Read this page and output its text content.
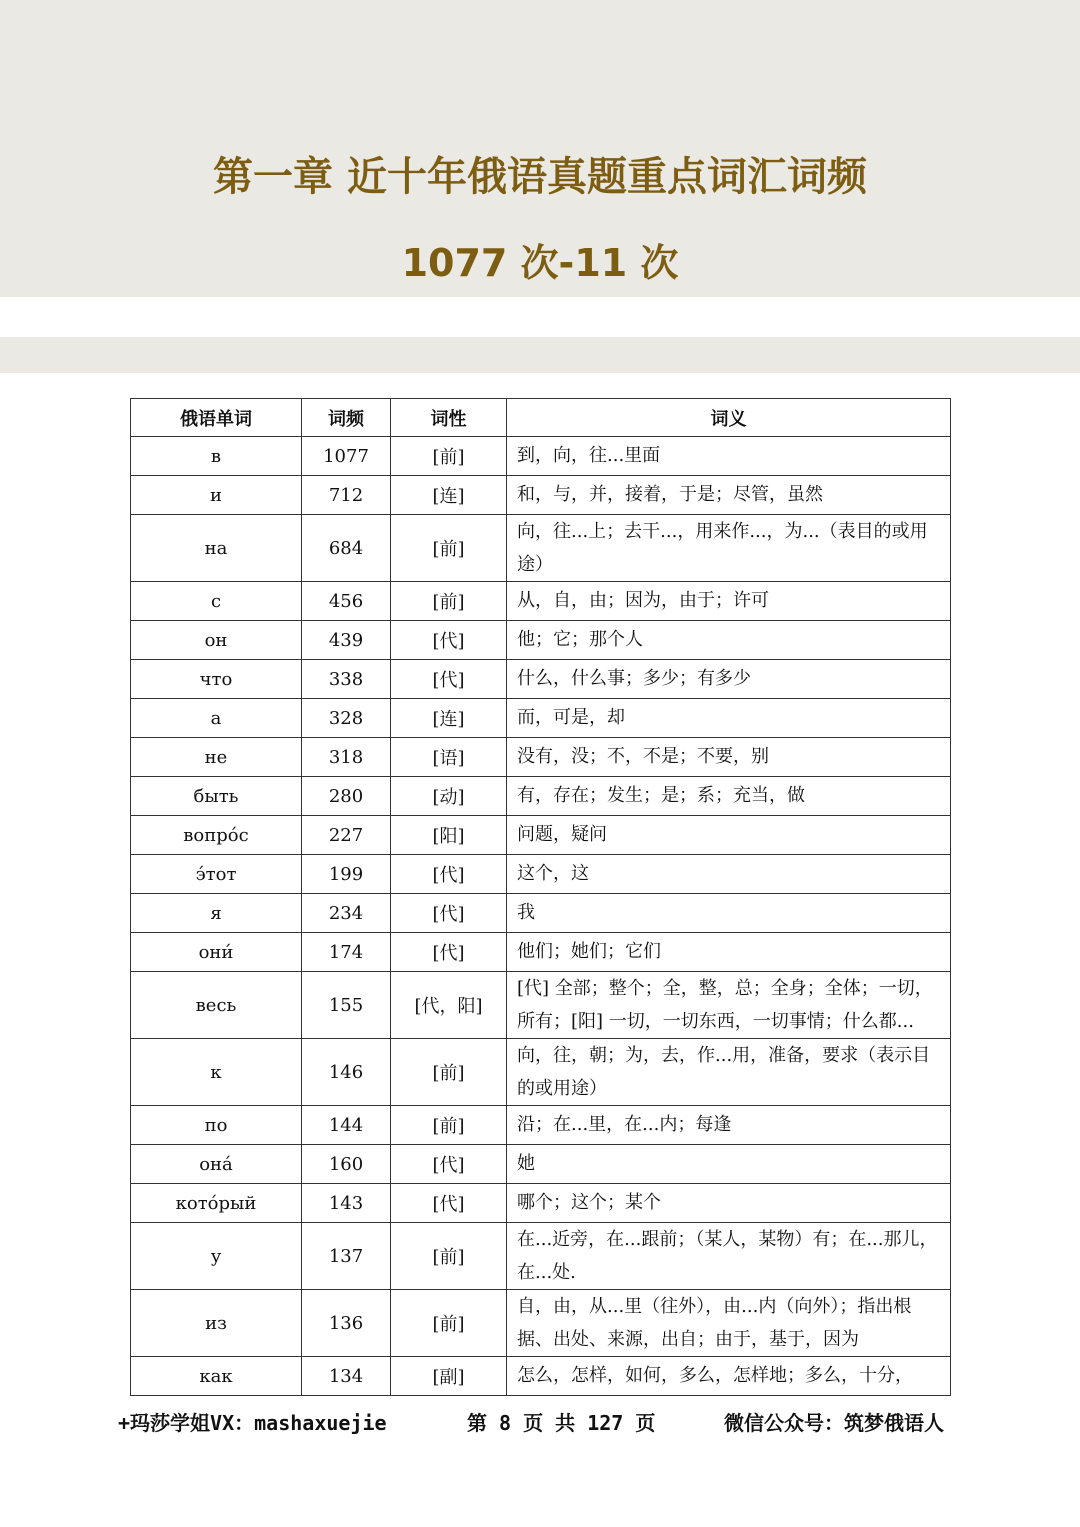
第一章 近十年俄语真题重点词汇词频
1077 次-11 次
俄语单词	词频	词性	词义
в	1077	[前]	到，向，往...里面
и	712	[连]	和，与，并，接着，于是；尽管，虽然
на	684	[前]	向，往...上；去干...，用来作...，为...（表目的或用途）
с	456	[前]	从，自，由；因为，由于；许可
он	439	[代]	他；它；那个人
что	338	[代]	什么，什么事；多少；有多少
а	328	[连]	而，可是，却
не	318	[语]	没有，没；不，不是；不要，别
быть	280	[动]	有，存在；发生；是；系；充当，做
вопро́с	227	[阳]	问题，疑问
э́тот	199	[代]	这个，这
я	234	[代]	我
они́	174	[代]	他们；她们；它们
весь	155	[代，阳]	[代] 全部；整个；全，整，总；全身；全体；一切，所有；[阳] 一切，一切东西，一切事情；什么都...
к	146	[前]	向，往，朝；为，去，作...用，准备，要求（表示目的或用途）
по	144	[前]	沿；在...里，在...内；每逢
она́	160	[代]	她
кото́рый	143	[代]	哪个；这个；某个
у	137	[前]	在...近旁，在...跟前；（某人，某物）有；在...那儿，在...处.
из	136	[前]	自，由，从...里（往外），由...内（向外）；指出根据、出处、来源，出自；由于，基于，因为
как	134	[副]	怎么，怎样，如何，多么，怎样地；多么，十分，
+玛莎学姐VX：mashaxuejie	第 8 页 共 127 页	微信公众号：筑梦俄语人
